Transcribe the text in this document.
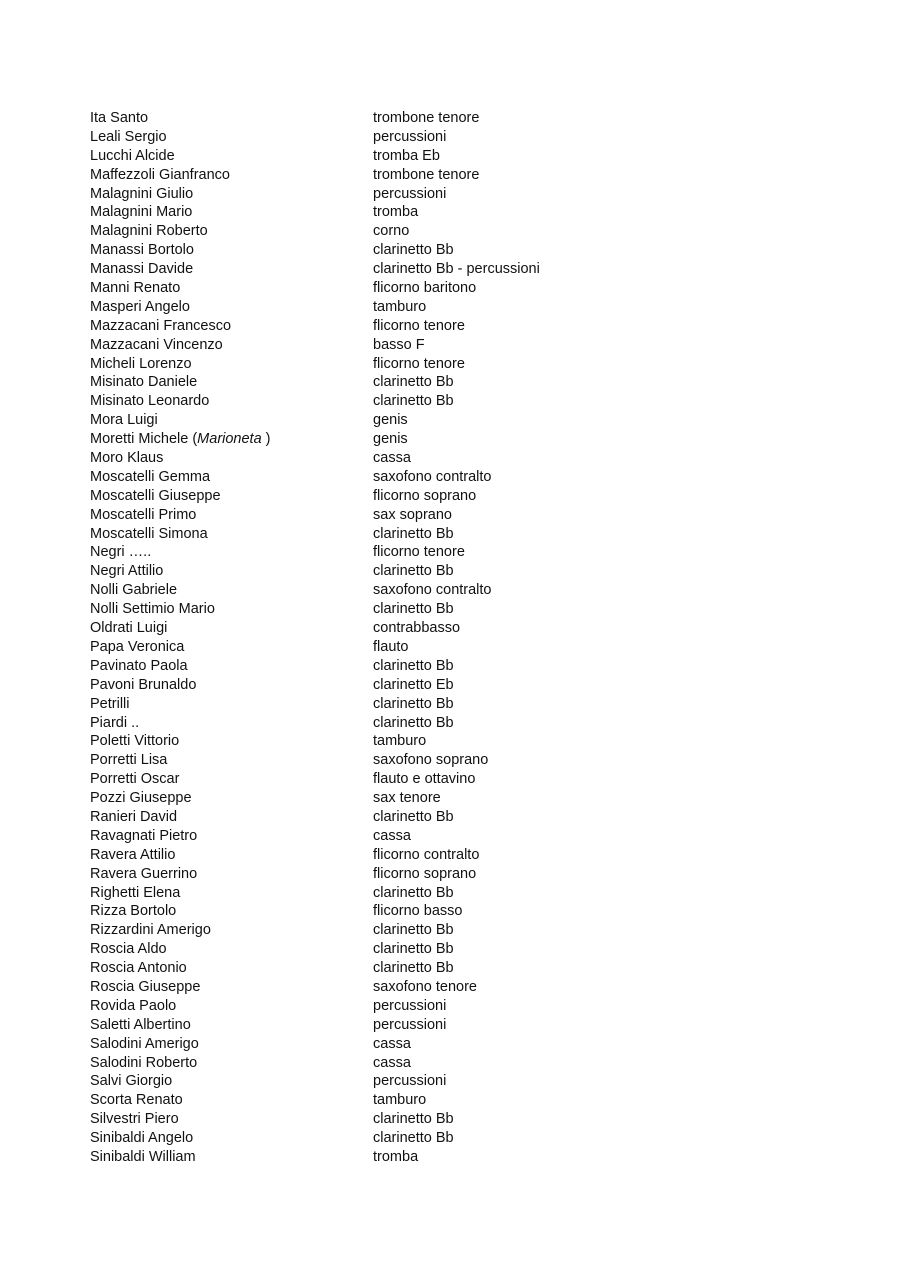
Ita Santo	trombone tenore
Leali Sergio	percussioni
Lucchi Alcide	tromba Eb
Maffezzoli Gianfranco	trombone tenore
Malagnini Giulio	percussioni
Malagnini Mario	tromba
Malagnini Roberto	corno
Manassi Bortolo	clarinetto Bb
Manassi Davide	clarinetto Bb - percussioni
Manni Renato	flicorno baritono
Masperi Angelo	tamburo
Mazzacani Francesco	flicorno tenore
Mazzacani Vincenzo	basso F
Micheli Lorenzo	flicorno tenore
Misinato Daniele	clarinetto Bb
Misinato Leonardo	clarinetto Bb
Mora Luigi	genis
Moretti Michele (Marioneta )	genis
Moro Klaus	cassa
Moscatelli Gemma	saxofono contralto
Moscatelli Giuseppe	flicorno soprano
Moscatelli Primo	sax soprano
Moscatelli Simona	clarinetto Bb
Negri …..	flicorno tenore
Negri Attilio	clarinetto Bb
Nolli Gabriele	saxofono contralto
Nolli Settimio Mario	clarinetto Bb
Oldrati Luigi	contrabbasso
Papa Veronica	flauto
Pavinato Paola	clarinetto Bb
Pavoni Brunaldo	clarinetto Eb
Petrilli	clarinetto Bb
Piardi ..	clarinetto Bb
Poletti Vittorio	tamburo
Porretti Lisa	saxofono soprano
Porretti Oscar	flauto e ottavino
Pozzi Giuseppe	sax tenore
Ranieri David	clarinetto Bb
Ravagnati Pietro	cassa
Ravera Attilio	flicorno contralto
Ravera Guerrino	flicorno soprano
Righetti Elena	clarinetto Bb
Rizza Bortolo	flicorno basso
Rizzardini Amerigo	clarinetto Bb
Roscia Aldo	clarinetto Bb
Roscia Antonio	clarinetto Bb
Roscia Giuseppe	saxofono tenore
Rovida Paolo	percussioni
Saletti Albertino	percussioni
Salodini Amerigo	cassa
Salodini Roberto	cassa
Salvi Giorgio	percussioni
Scorta Renato	tamburo
Silvestri Piero	clarinetto Bb
Sinibaldi Angelo	clarinetto Bb
Sinibaldi William	tromba
